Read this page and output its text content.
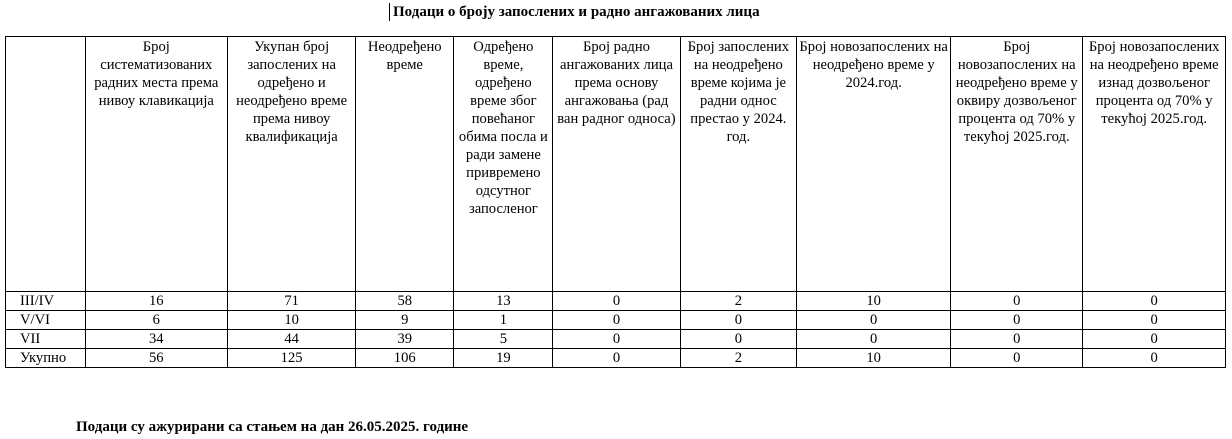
Подаци о броју запослених и радно ангажованих лица
	Број систематизованих радних места према нивоу клавикација	Укупан број запослених на одређено и неодређено време према нивоу квалификација	Неодређено време	Одређено време, одређено време због повећаног обима посла и ради замене привремено одсутног запосленог	Број радно ангажованих лица према основу ангажовања (рад ван радног односа)	Број запослених на неодређено време којима је радни однос престао у 2024. год.	Број новозапослених на неодређено време у 2024.год.	Број новозапослених на неодређено време у оквиру дозвољеног процента од 70% у текућој 2025.год.	Број новозапослених на неодређено време изнад дозвољеног процента од 70% у текућој 2025.год.
III/IV	16	71	58	13	0	2	10	0	0
V/VI	6	10	9	1	0	0	0	0	0
VII	34	44	39	5	0	0	0	0	0
Укупно	56	125	106	19	0	2	10	0	0
Подаци су ажурирани са стањем на дан 26.05.2025. године
